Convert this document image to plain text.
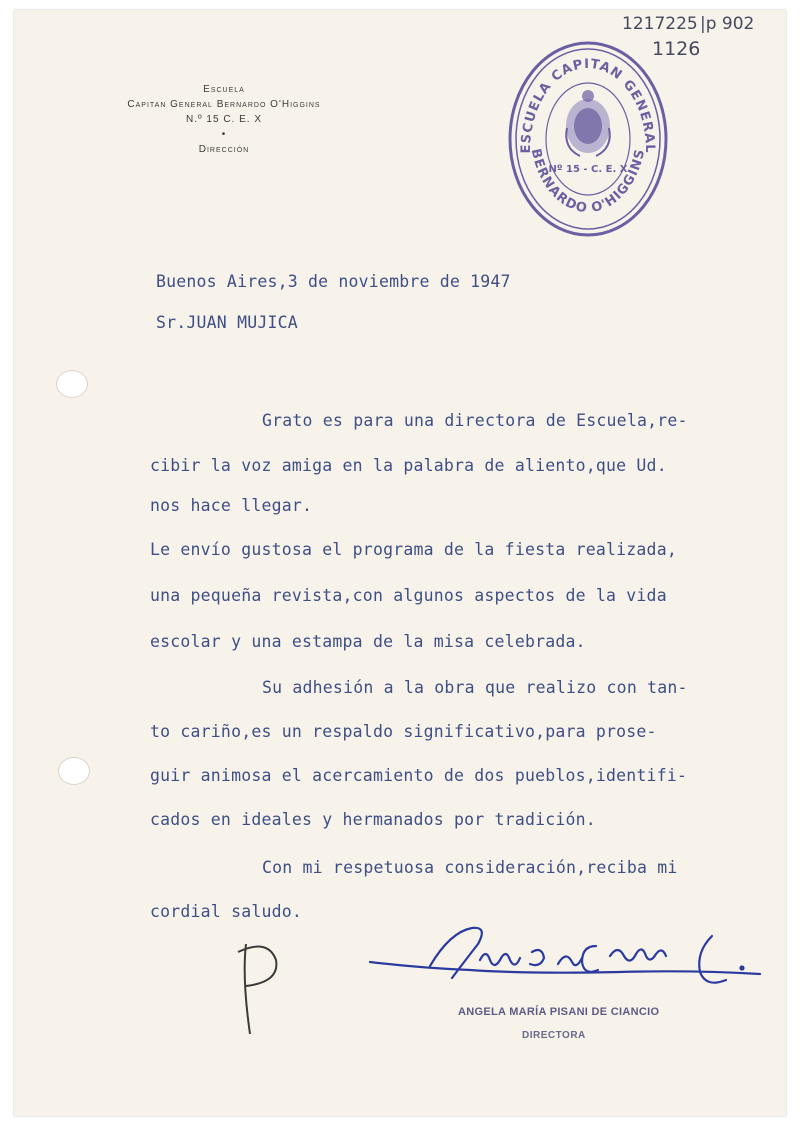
1217225 |p 902
1126
Escuela
Capitan General Bernardo O'Higgins
N.º 15 C. E. X
•
Dirección	ESCUELA CAPITAN GENERAL
BERNARDO O'HIGGINS
Nº 15 - C. E. X
Buenos Aires,3 de noviembre de 1947
Sr.JUAN MUJICA
Grato es para una directora de Escuela,re-
cibir la voz amiga en la palabra de aliento,que Ud.
nos hace llegar.
Le envío gustosa el programa de la fiesta realizada,
una pequeña revista,con algunos aspectos de la vida
escolar y una estampa de la misa celebrada.
Su adhesión a la obra que realizo con tan-
to cariño,es un respaldo significativo,para prose-
guir animosa el acercamiento de dos pueblos,identifi-
cados en ideales y hermanados por tradición.
Con mi respetuosa consideración,reciba mi
cordial saludo.
ANGELA MARÍA PISANI DE CIANCIO
DIRECTORA
